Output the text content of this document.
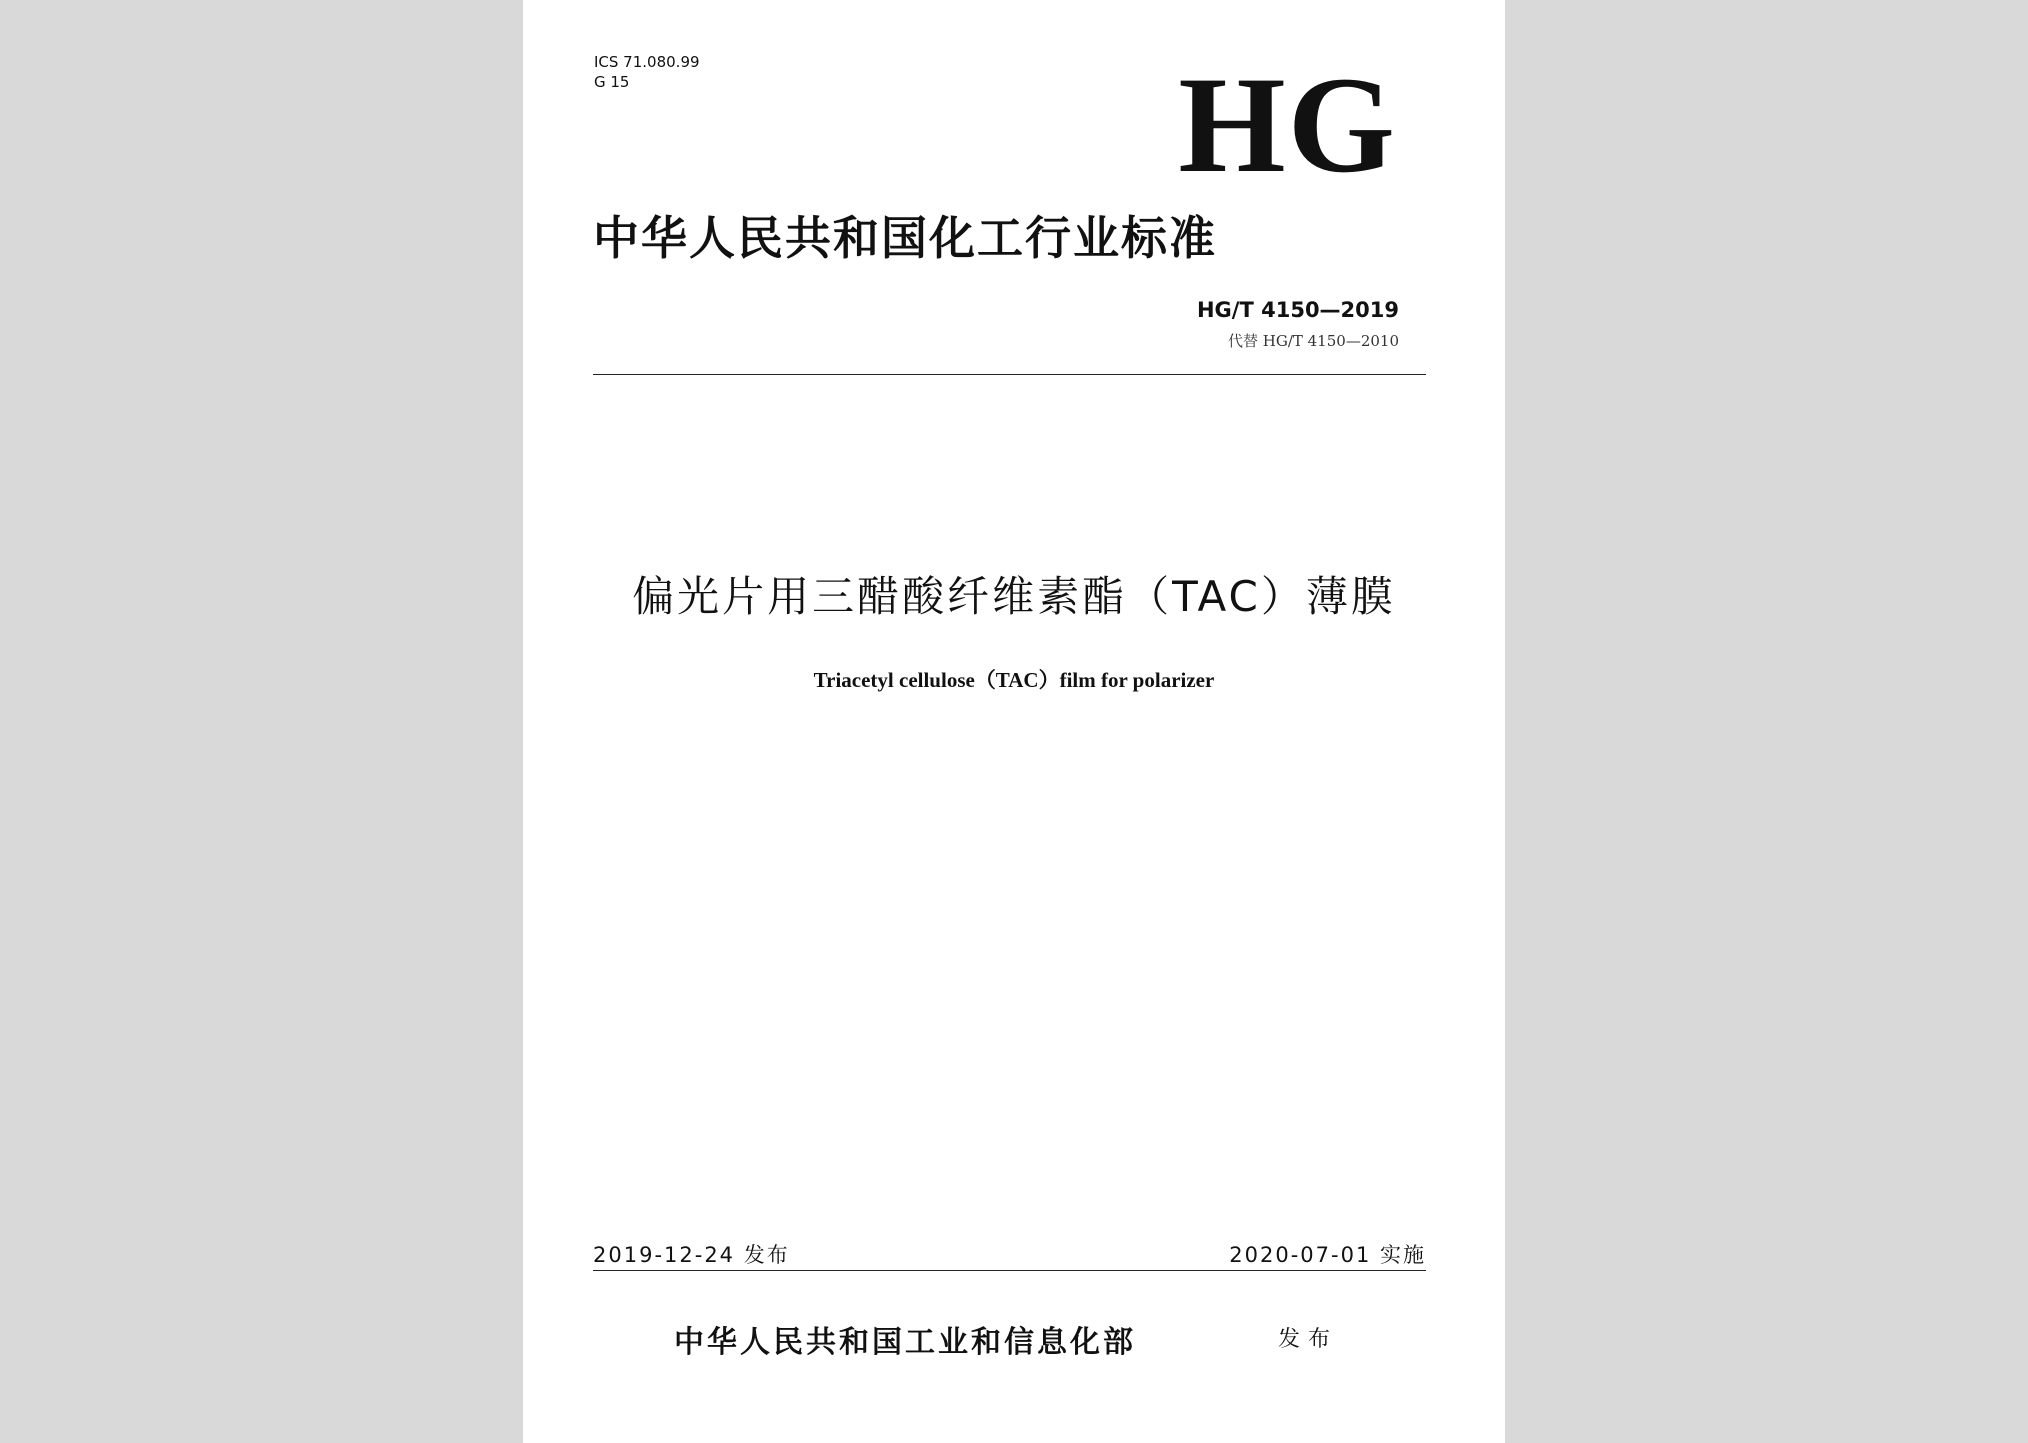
ICS 71.080.99
G 15	HG
中华人民共和国化工行业标准
HG/T 4150—2019
代替 HG/T 4150—2010
偏光片用三醋酸纤维素酯（TAC）薄膜
Triacetyl cellulose（TAC）film for polarizer
2019-12-24 发布	2020-07-01 实施
中华人民共和国工业和信息化部	发布
